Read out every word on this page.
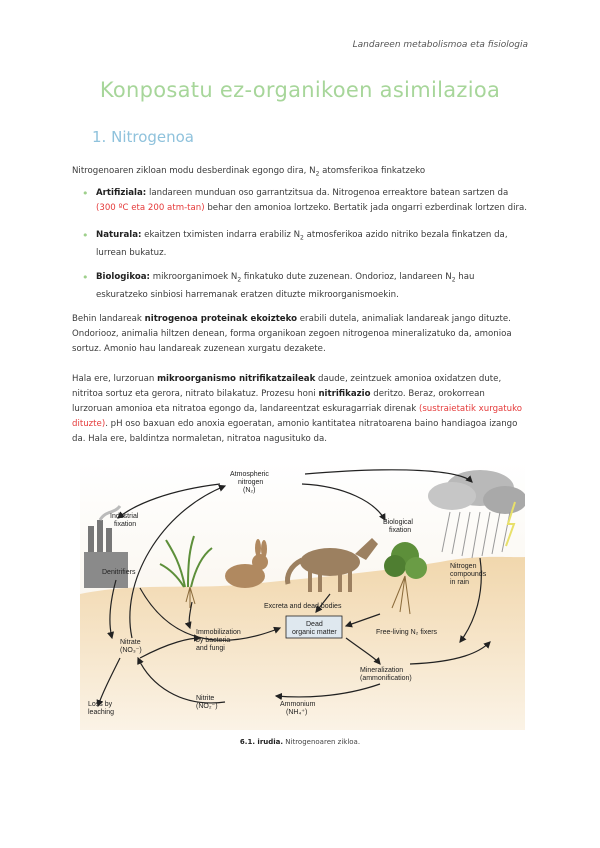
Landareen metabolismoa eta fisiologia
Konposatu ez-organikoen asimilazioa
1. Nitrogenoa
Nitrogenoaren zikloan modu desberdinak egongo dira, $N_2$ atomsferikoa finkatzeko
• Artifiziala: landareen munduan oso garrantzitsua da. Nitrogenoa erreaktore batean sartzen da (300 ºC eta 200 atm-tan) behar den amonioa lortzeko. Bertatik jada ongarri ezberdinak lortzen dira.
• Naturala: ekaitzen tximisten indarra erabiliz $N_2$ atmosferikoa azido nitriko bezala finkatzen da, lurrean bukatuz.
• Biologikoa: mikroorganimoek $N_2$ finkatuko dute zuzenean. Ondorioz, landareen $N_2$ hau eskuratzeko sinbiosi harremanak eratzen dituzte mikroorganismoekin.
Behin landareak nitrogenoa proteinak ekoizteko erabili dutela, animaliak landareak jango dituzte. Ondoriooz, animalia hiltzen denean, forma organikoan zegoen nitrogenoa mineralizatuko da, amonioa sortuz. Amonio hau landareak zuzenean xurgatu dezakete.
Hala ere, lurzoruan mikroorganismo nitrifikatzaileak daude, zeintzuek amonioa oxidatzen dute, nitritoa sortuz eta gerora, nitrato bilakatuz. Prozesu honi nitrifikazio deritzo. Beraz, orokorrean lurzoruan amonioa eta nitratoa egongo da, landareentzat eskuragarriak direnak (sustraietatik xurgatuko dituzte). pH oso baxuan edo anoxia egoeratan, amonio kantitatea nitratoarena baino handiagoa izango da. Hala ere, baldintza normaletan, nitratoa nagusituko da.
Atmospheric
nitrogen
(N₂)
Industrial
fixation	Biological
fixation
Denitrifiers
Nitrogen
compounds
in rain
Excreta and dead bodies
Nitrate
(NO₃⁻)
Immobilization
by bacteria
and fungi
Dead
organic matter	Free-living N₂ fixers
Mineralization
(ammonification)
Loss by
leaching
Nitrite
(NO₂⁻)	Ammonium
(NH₄⁺)
6.1. irudia. Nitrogenoaren zikloa.
